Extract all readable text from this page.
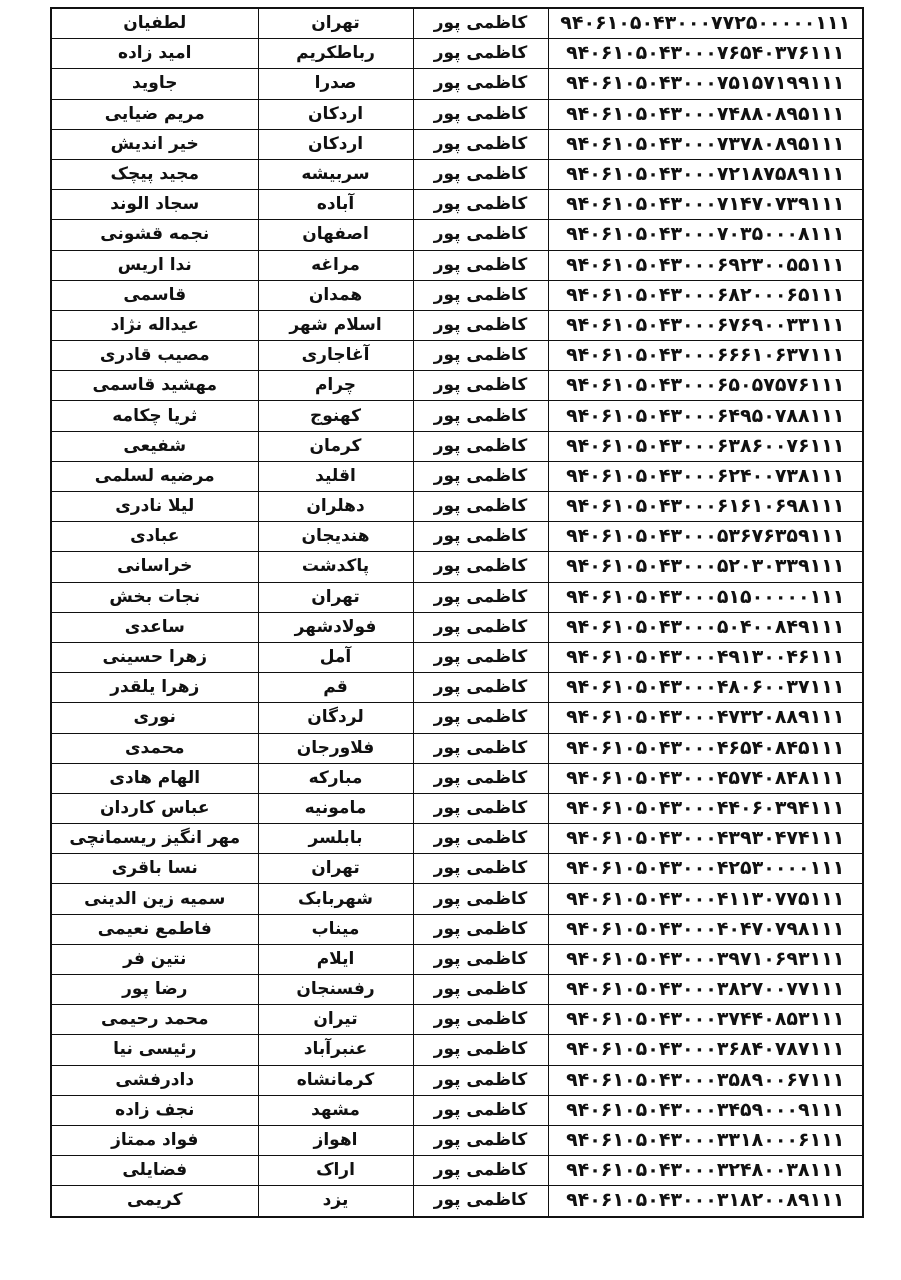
لطفیان	تهران	کاظمی پور	۹۴۰۶۱۰۵۰۴۳۰۰۰۷۷۲۵۰۰۰۰۰۱۱۱
امید زاده	رباطکریم	کاظمی پور	۹۴۰۶۱۰۵۰۴۳۰۰۰۷۶۵۴۰۳۷۶۱۱۱
جاوید	صدرا	کاظمی پور	۹۴۰۶۱۰۵۰۴۳۰۰۰۷۵۱۵۷۱۹۹۱۱۱
مریم ضیایی	اردکان	کاظمی پور	۹۴۰۶۱۰۵۰۴۳۰۰۰۷۴۸۸۰۸۹۵۱۱۱
خیر اندیش	اردکان	کاظمی پور	۹۴۰۶۱۰۵۰۴۳۰۰۰۷۳۷۸۰۸۹۵۱۱۱
مجید پیچک	سربیشه	کاظمی پور	۹۴۰۶۱۰۵۰۴۳۰۰۰۷۲۱۸۷۵۸۹۱۱۱
سجاد الوند	آباده	کاظمی پور	۹۴۰۶۱۰۵۰۴۳۰۰۰۷۱۴۷۰۷۳۹۱۱۱
نجمه قشونی	اصفهان	کاظمی پور	۹۴۰۶۱۰۵۰۴۳۰۰۰۷۰۳۵۰۰۰۸۱۱۱
ندا اریس	مراغه	کاظمی پور	۹۴۰۶۱۰۵۰۴۳۰۰۰۶۹۲۳۰۰۵۵۱۱۱
قاسمی	همدان	کاظمی پور	۹۴۰۶۱۰۵۰۴۳۰۰۰۶۸۲۰۰۰۶۵۱۱۱
عیداله نژاد	اسلام شهر	کاظمی پور	۹۴۰۶۱۰۵۰۴۳۰۰۰۶۷۶۹۰۰۳۳۱۱۱
مصیب قادری	آغاجاری	کاظمی پور	۹۴۰۶۱۰۵۰۴۳۰۰۰۶۶۶۱۰۶۳۷۱۱۱
مهشید قاسمی	چرام	کاظمی پور	۹۴۰۶۱۰۵۰۴۳۰۰۰۶۵۰۵۷۵۷۶۱۱۱
ثریا چکامه	کهنوج	کاظمی پور	۹۴۰۶۱۰۵۰۴۳۰۰۰۶۴۹۵۰۷۸۸۱۱۱
شفیعی	کرمان	کاظمی پور	۹۴۰۶۱۰۵۰۴۳۰۰۰۶۳۸۶۰۰۷۶۱۱۱
مرضیه لسلمی	اقلید	کاظمی پور	۹۴۰۶۱۰۵۰۴۳۰۰۰۶۲۴۰۰۷۳۸۱۱۱
لیلا نادری	دهلران	کاظمی پور	۹۴۰۶۱۰۵۰۴۳۰۰۰۶۱۶۱۰۶۹۸۱۱۱
عبادی	هندیجان	کاظمی پور	۹۴۰۶۱۰۵۰۴۳۰۰۰۵۳۶۷۶۳۵۹۱۱۱
خراسانی	پاکدشت	کاظمی پور	۹۴۰۶۱۰۵۰۴۳۰۰۰۵۲۰۳۰۳۳۹۱۱۱
نجات بخش	تهران	کاظمی پور	۹۴۰۶۱۰۵۰۴۳۰۰۰۵۱۵۰۰۰۰۰۱۱۱
ساعدی	فولادشهر	کاظمی پور	۹۴۰۶۱۰۵۰۴۳۰۰۰۵۰۴۰۰۸۴۹۱۱۱
زهرا حسینی	آمل	کاظمی پور	۹۴۰۶۱۰۵۰۴۳۰۰۰۴۹۱۳۰۰۴۶۱۱۱
زهرا یلقدر	قم	کاظمی پور	۹۴۰۶۱۰۵۰۴۳۰۰۰۴۸۰۶۰۰۳۷۱۱۱
نوری	لردگان	کاظمی پور	۹۴۰۶۱۰۵۰۴۳۰۰۰۴۷۳۲۰۸۸۹۱۱۱
محمدی	فلاورجان	کاظمی پور	۹۴۰۶۱۰۵۰۴۳۰۰۰۴۶۵۴۰۸۴۵۱۱۱
الهام هادی	مبارکه	کاظمی پور	۹۴۰۶۱۰۵۰۴۳۰۰۰۴۵۷۴۰۸۴۸۱۱۱
عباس کاردان	مامونیه	کاظمی پور	۹۴۰۶۱۰۵۰۴۳۰۰۰۴۴۰۶۰۳۹۴۱۱۱
مهر انگیز ریسمانچی	بابلسر	کاظمی پور	۹۴۰۶۱۰۵۰۴۳۰۰۰۴۳۹۳۰۴۷۴۱۱۱
نسا باقری	تهران	کاظمی پور	۹۴۰۶۱۰۵۰۴۳۰۰۰۴۲۵۳۰۰۰۰۱۱۱
سمیه زین الدینی	شهربابک	کاظمی پور	۹۴۰۶۱۰۵۰۴۳۰۰۰۴۱۱۳۰۷۷۵۱۱۱
فاطمع نعیمی	میناب	کاظمی پور	۹۴۰۶۱۰۵۰۴۳۰۰۰۴۰۴۷۰۷۹۸۱۱۱
نتین فر	ایلام	کاظمی پور	۹۴۰۶۱۰۵۰۴۳۰۰۰۳۹۷۱۰۶۹۳۱۱۱
رضا پور	رفسنجان	کاظمی پور	۹۴۰۶۱۰۵۰۴۳۰۰۰۳۸۲۷۰۰۷۷۱۱۱
محمد رحیمی	تیران	کاظمی پور	۹۴۰۶۱۰۵۰۴۳۰۰۰۳۷۴۴۰۸۵۳۱۱۱
رئیسی نیا	عنبرآباد	کاظمی پور	۹۴۰۶۱۰۵۰۴۳۰۰۰۳۶۸۴۰۷۸۷۱۱۱
دادرفشی	کرمانشاه	کاظمی پور	۹۴۰۶۱۰۵۰۴۳۰۰۰۳۵۸۹۰۰۶۷۱۱۱
نجف زاده	مشهد	کاظمی پور	۹۴۰۶۱۰۵۰۴۳۰۰۰۳۴۵۹۰۰۰۹۱۱۱
فواد ممتاز	اهواز	کاظمی پور	۹۴۰۶۱۰۵۰۴۳۰۰۰۳۳۱۸۰۰۰۶۱۱۱
فضایلی	اراک	کاظمی پور	۹۴۰۶۱۰۵۰۴۳۰۰۰۳۲۴۸۰۰۳۸۱۱۱
کریمی	یزد	کاظمی پور	۹۴۰۶۱۰۵۰۴۳۰۰۰۳۱۸۲۰۰۸۹۱۱۱
